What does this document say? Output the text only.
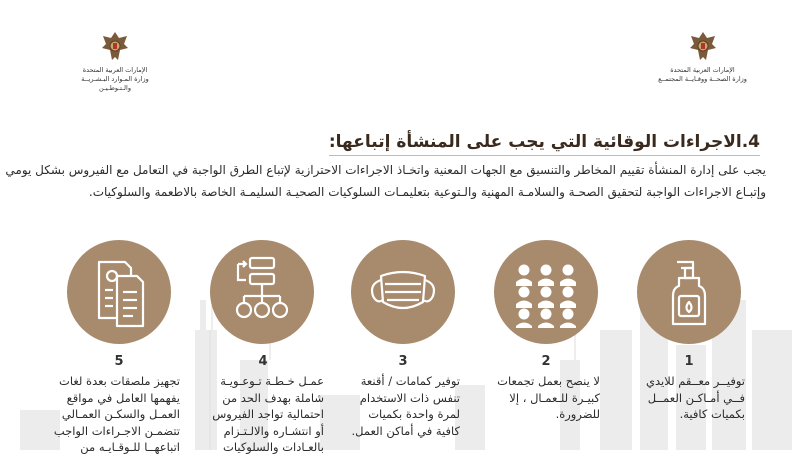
الإمارات العربية المتحدة
وزارة المـوارد البـشـريــة
والـتـوطـيـن
الإمارات العربية المتحدة
وزارة الصحــة ووقـايــة المجتمــع
4.الاجراءات الوقائية التي يجب على المنشأة إتباعها:
يجب على إدارة المنشأة تقييم المخاطر والتنسيق مع الجهات المعنية واتخـاذ الاجراءات الاحترازية لإتباع الطرق الواجبة في التعامل مع الفيروس بشكل يومي
وإتبـاع الاجراءات الواجبة لتحقيق الصحـة والسلامـة المهنية والـتوعية بتعليمـات السلوكيات الصحيـة السليمـة الخاصة بالاطعمة والسلوكيات.
5
تجهيز ملصقات بعدة لغات
يفهمها العامل في مواقع
العمـل والسكـن العمـالي
تتضمـن الاجـراءات الواجب
اتباعهــا للـوقـايـه من
4
عمـل خـطـة تـوعـويـة
شاملة بهدف الحد من
احتمالية تواجد الفيروس
أو انتشـاره والالـتـزام
بالعـادات والسلوكيات
3
توفير كمامات / أقنعة
تنفس ذات الاستخدام
لمرة واحدة بكميات
كافية في أماكن العمل.
2
لا ينصح بعمل تجمعات
كبيـرة للـعمـال ، إلا
للضرورة.
1
توفيــر معــقم للايدي
فــي أمـاكـن العمــل
بكميات كافية.
